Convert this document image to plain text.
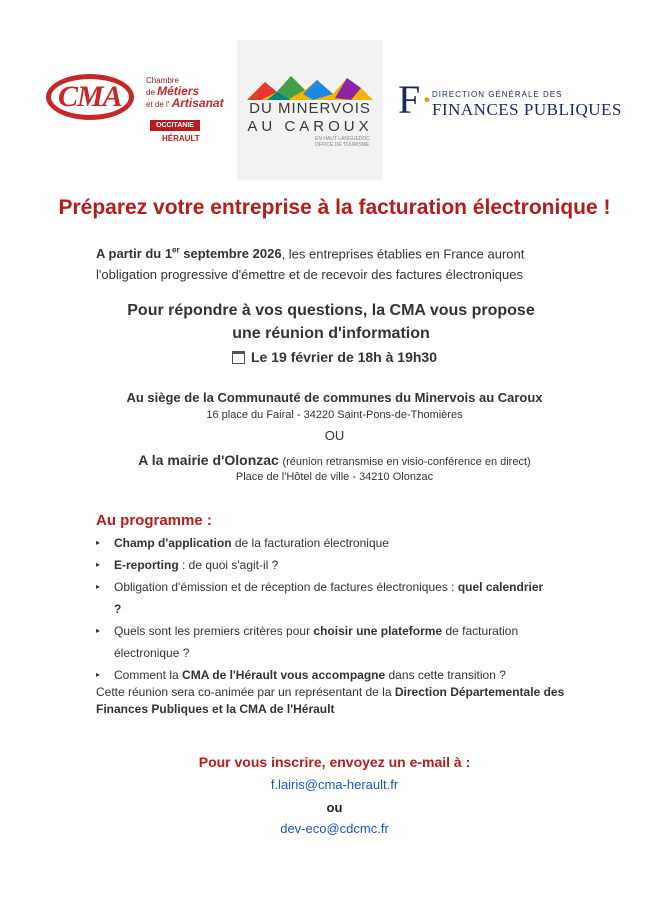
CMA	Chambre
de Métiers
et de l' Artisanat
OCCITANIE
HÉRAULT
DU MINERVOIS
AU CAROUX
EN HAUT LANGUEDOC
OFFICE DE TOURISME
F·
DIRECTION GÉNÉRALE DES
FINANCES PUBLIQUES
Préparez votre entreprise à la facturation électronique !
A partir du 1er septembre 2026, les entreprises établies en France auront l'obligation progressive d'émettre et de recevoir des factures électroniques
Pour répondre à vos questions, la CMA vous propose
une réunion d'information
Le 19 février de 18h à 19h30
Au siège de la Communauté de communes du Minervois au Caroux
16 place du Fairal - 34220 Saint-Pons-de-Thomières
OU
A la mairie d'Olonzac (réunion retransmise en visio-conférence en direct)
Place de l'Hôtel de ville - 34210 Olonzac
Au programme :
▸ Champ d'application de la facturation électronique
▸ E-reporting : de quoi s'agit-il ?
▸ Obligation d'émission et de réception de factures électroniques : quel calendrier ?
▸ Quels sont les premiers critères pour choisir une plateforme de facturation électronique ?
▸ Comment la CMA de l'Hérault vous accompagne dans cette transition ?
Cette réunion sera co-animée par un représentant de la Direction Départementale des Finances Publiques et la CMA de l'Hérault
Pour vous inscrire, envoyez un e-mail à :
f.lairis@cma-herault.fr
ou
dev-eco@cdcmc.fr
